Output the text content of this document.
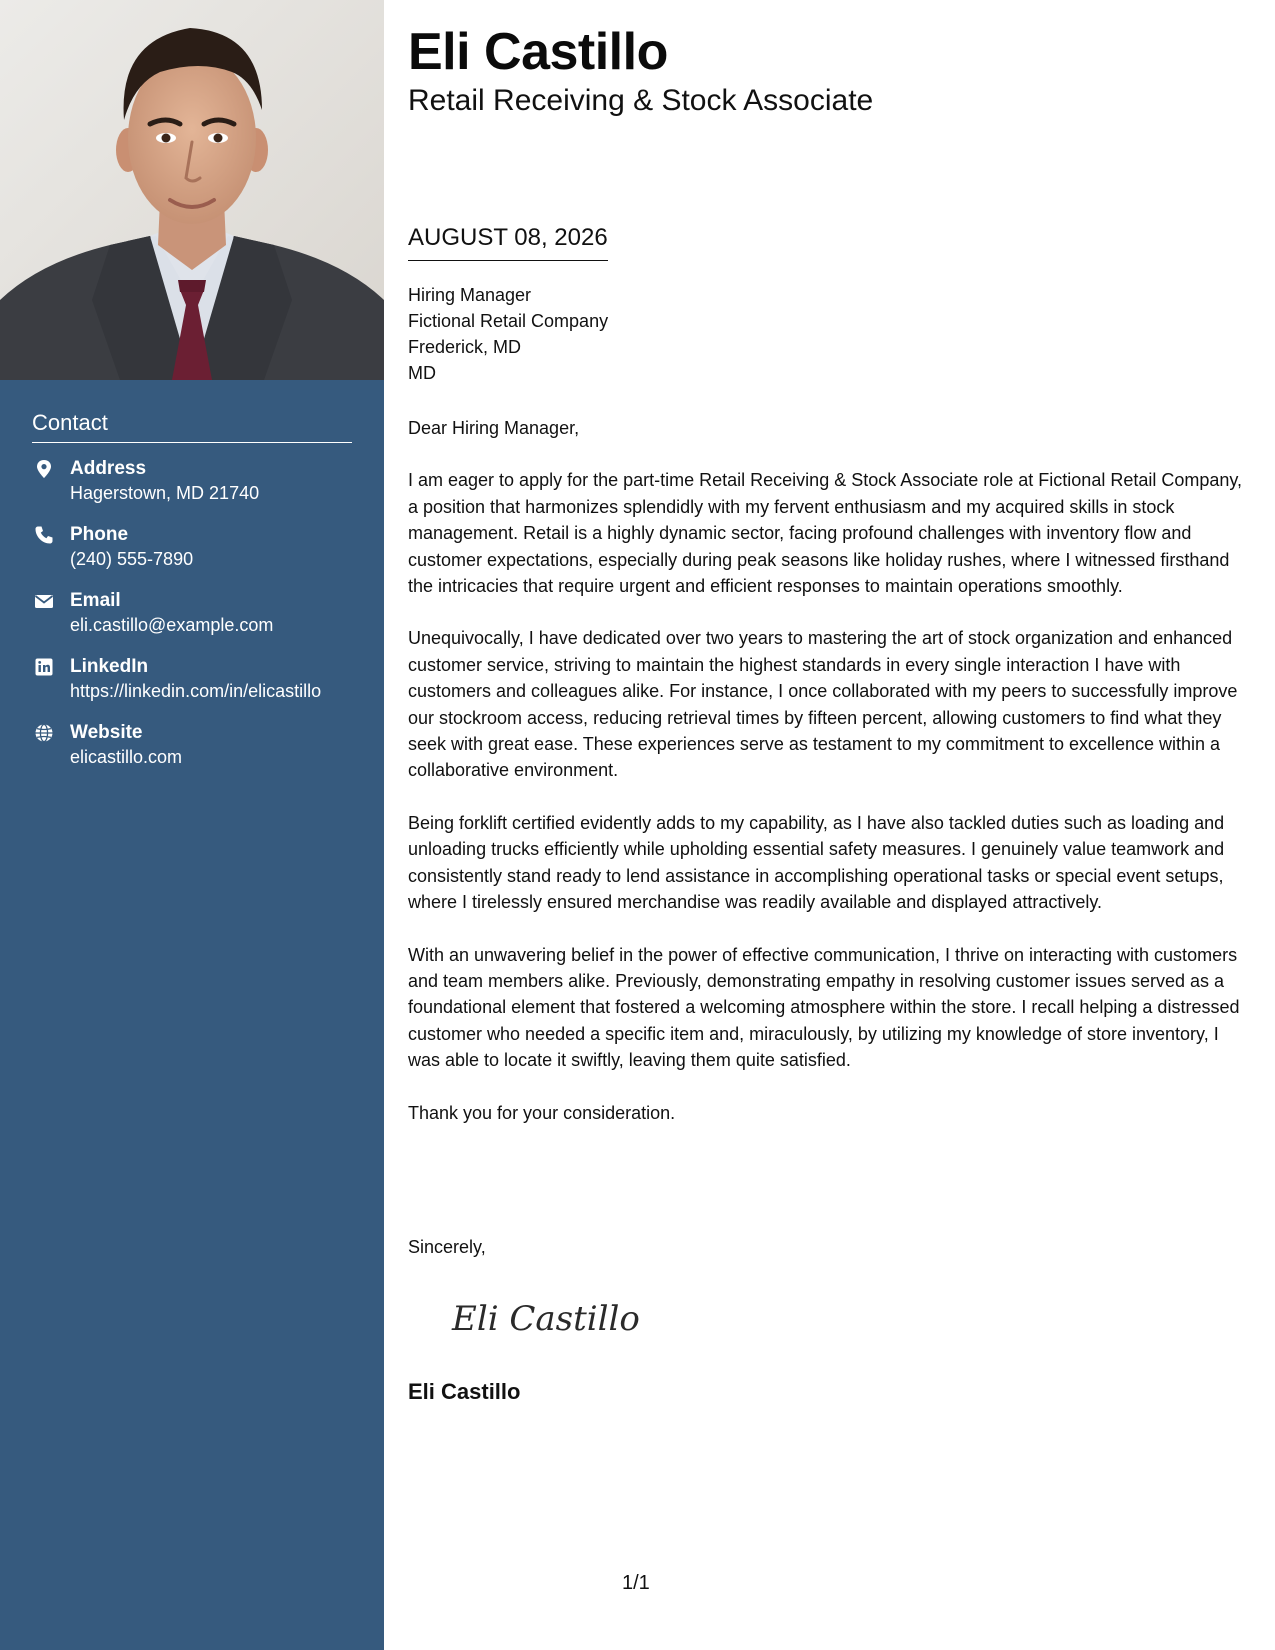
Contact
Address
Hagerstown, MD 21740
Phone
(240) 555-7890
Email
eli.castillo@example.com
LinkedIn
https://linkedin.com/in/elicastillo
Website
elicastillo.com
Eli Castillo
Retail Receiving & Stock Associate
AUGUST 08, 2026
Hiring Manager
Fictional Retail Company
Frederick, MD
MD

Dear Hiring Manager,

I am eager to apply for the part-time Retail Receiving & Stock Associate role at Fictional Retail Company, a position that harmonizes splendidly with my fervent enthusiasm and my acquired skills in stock management. Retail is a highly dynamic sector, facing profound challenges with inventory flow and customer expectations, especially during peak seasons like holiday rushes, where I witnessed firsthand the intricacies that require urgent and efficient responses to maintain operations smoothly.

Unequivocally, I have dedicated over two years to mastering the art of stock organization and enhanced customer service, striving to maintain the highest standards in every single interaction I have with customers and colleagues alike. For instance, I once collaborated with my peers to successfully improve our stockroom access, reducing retrieval times by fifteen percent, allowing customers to find what they seek with great ease. These experiences serve as testament to my commitment to excellence within a collaborative environment.

Being forklift certified evidently adds to my capability, as I have also tackled duties such as loading and unloading trucks efficiently while upholding essential safety measures. I genuinely value teamwork and consistently stand ready to lend assistance in accomplishing operational tasks or special event setups, where I tirelessly ensured merchandise was readily available and displayed attractively.

With an unwavering belief in the power of effective communication, I thrive on interacting with customers and team members alike. Previously, demonstrating empathy in resolving customer issues served as a foundational element that fostered a welcoming atmosphere within the store. I recall helping a distressed customer who needed a specific item and, miraculously, by utilizing my knowledge of store inventory, I was able to locate it swiftly, leaving them quite satisfied.

Thank you for your consideration.

Sincerely,
Eli Castillo
Eli Castillo
1/1
